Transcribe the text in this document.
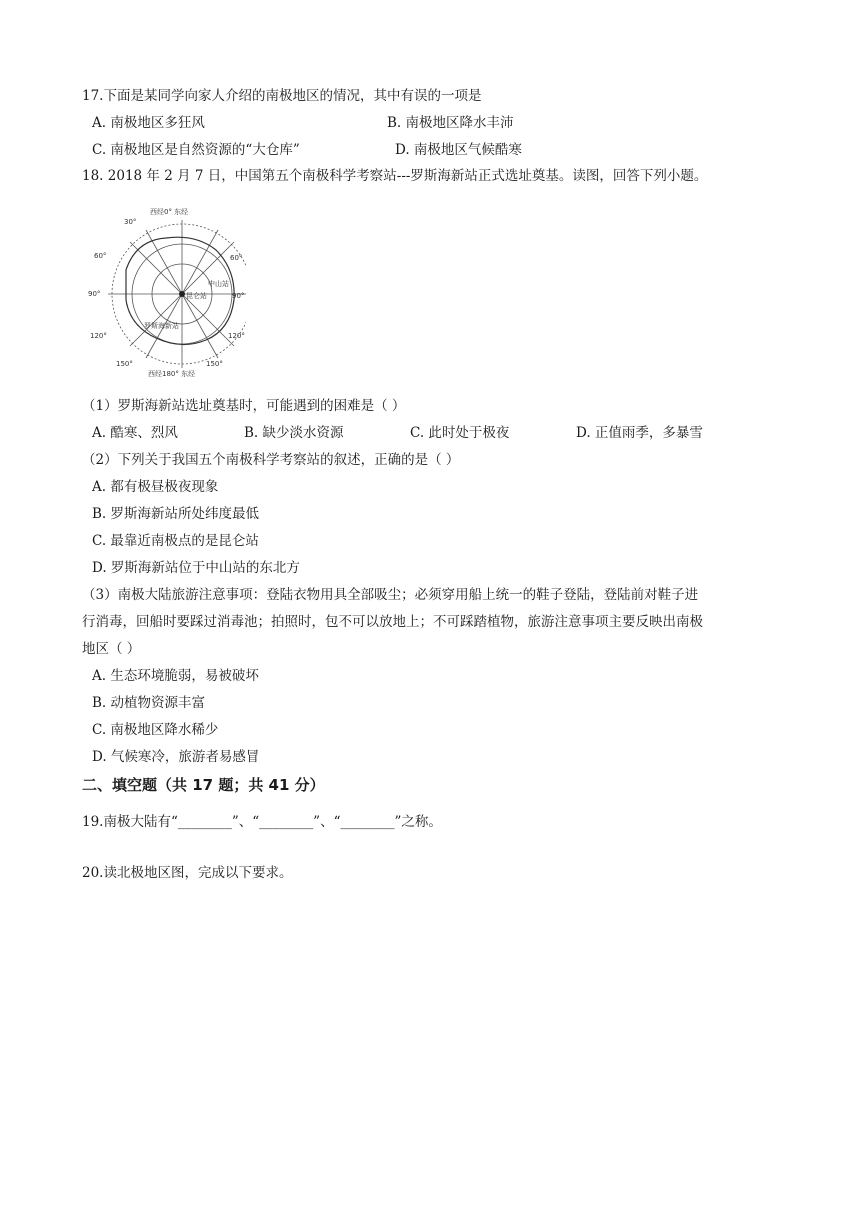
17.下面是某同学向家人介绍的南极地区的情况，其中有误的一项是
A. 南极地区多狂风	B. 南极地区降水丰沛
C. 南极地区是自然资源的“大仓库”	D. 南极地区气候酷寒
18. 2018 年 2 月 7 日，中国第五个南极科学考察站---罗斯海新站正式选址奠基。读图，回答下列小题。
西经0° 东经
西经180° 东经
30°
60°
90°
120°
150°
60°
90°
120°
150°
中山站
罗斯海新站
昆仑站
（1）罗斯海新站选址奠基时，可能遇到的困难是（ ）
A. 酷寒、烈风	B. 缺少淡水资源	C. 此时处于极夜	D. 正值雨季，多暴雪
（2）下列关于我国五个南极科学考察站的叙述，正确的是（ ）
A. 都有极昼极夜现象
B. 罗斯海新站所处纬度最低
C. 最靠近南极点的是昆仑站
D. 罗斯海新站位于中山站的东北方
（3）南极大陆旅游注意事项：登陆衣物用具全部吸尘；必须穿用船上统一的鞋子登陆，登陆前对鞋子进
行消毒，回船时要踩过消毒池；拍照时，包不可以放地上；不可踩踏植物，旅游注意事项主要反映出南极
地区（ ）
A. 生态环境脆弱，易被破坏
B. 动植物资源丰富
C. 南极地区降水稀少
D. 气候寒冷，旅游者易感冒
二、填空题（共 17 题；共 41 分）
19.南极大陆有“________”、“________”、“________”之称。
20.读北极地区图，完成以下要求。
